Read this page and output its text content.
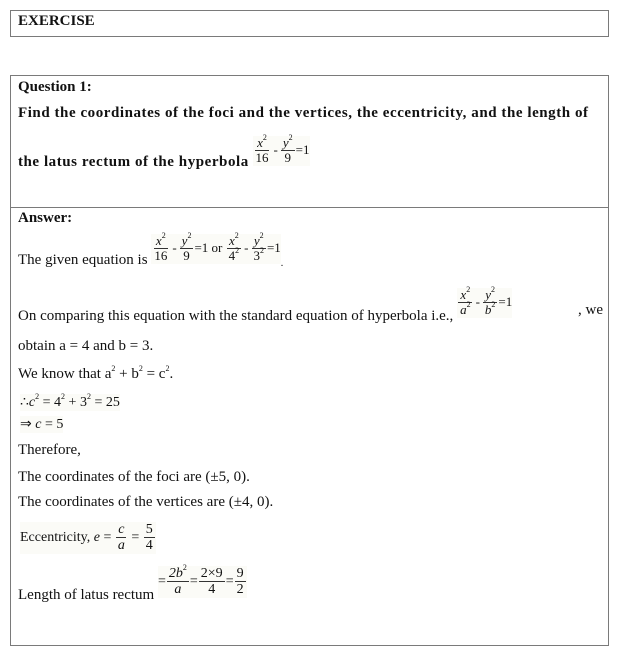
EXERCISE
Question 1:
Find the coordinates of the foci and the vertices, the eccentricity, and the length of
the latus rectum of the hyperbola $\frac{x^2}{16} - \frac{y^2}{9} =1$
Answer:
The given equation is $\frac{x^2}{16} - \frac{y^2}{9} =1$ or $\frac{x^2}{4^2} - \frac{y^2}{3^2} =1_.$
On comparing this equation with the standard equation of hyperbola i.e., $\frac{x^2}{a^2} - \frac{y^2}{b^2} =1$
, we
obtain a = 4 and b = 3.
We know that $a^2 + b^2 = c^2$.
$\therefore c^2 = 4^2 + 3^2 = 25$
⇒ c = 5
Therefore,
The coordinates of the foci are (±5, 0).
The coordinates of the vertices are (±4, 0).
Eccentricity, $e = \frac{c}{a} = \frac{5}{4}$
Length of latus rectum = $\frac{2b^2}{a} = \frac{2\times 9}{4} = \frac{9}{2}$
